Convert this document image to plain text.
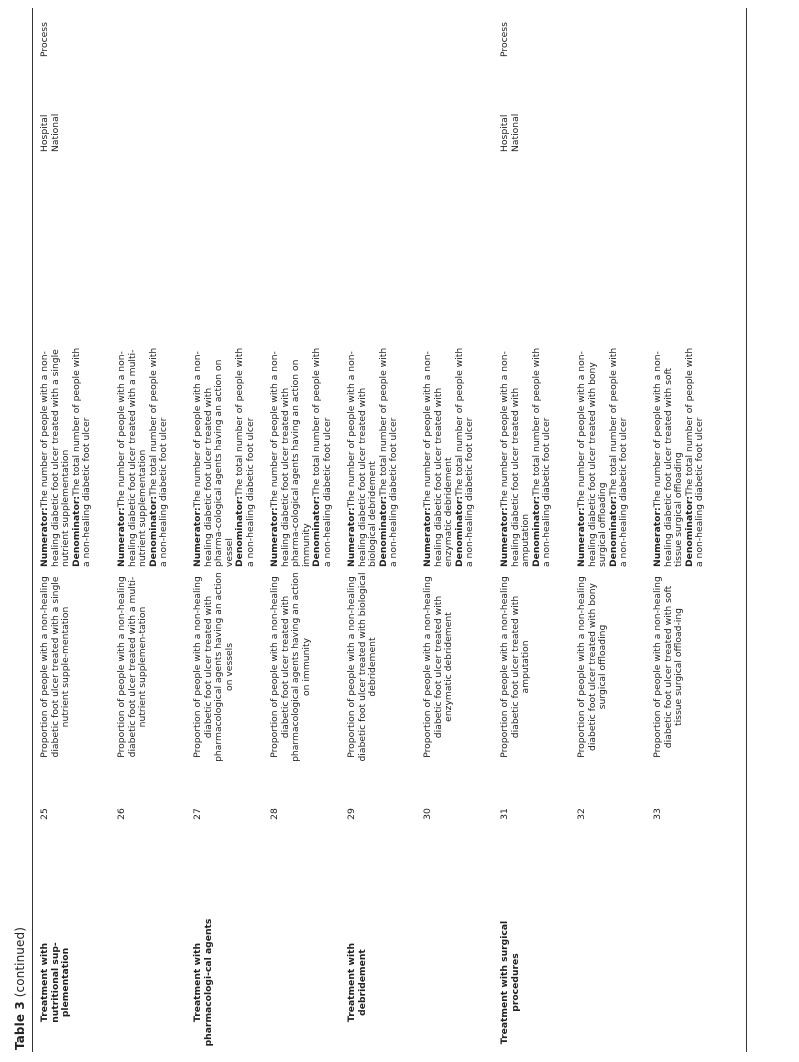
Table 3 (continued) Treatment with nutritional sup-plementation
25
Proportion of people with a non-healing diabetic foot ulcer treated with a single nutrient supple-mentation
Numerator:The number of people with a non-healing diabetic foot ulcer treated with a single nutrient supplementation
Denominator:The total number of people with a non-healing diabetic foot ulcer
Hospital
National
Process
26
Proportion of people with a non-healing diabetic foot ulcer treated with a multi-nutrient supplemen-tation
Numerator:The number of people with a non-healing diabetic foot ulcer treated with a multi-nutrient supplementation
Denominator:The total number of people with a non-healing diabetic foot ulcer
Treatment with pharmacologi-cal agents
27
Proportion of people with a non-healing diabetic foot ulcer treated with pharmacological agents having an action on vessels
Numerator:The number of people with a non-healing diabetic foot ulcer treated with pharma-cological agents having an action on vessel
Denominator:The total number of people with a non-healing diabetic foot ulcer
28
Proportion of people with a non-healing diabetic foot ulcer treated with pharmacological agents having an action on immunity
Numerator:The number of people with a non-healing diabetic foot ulcer treated with pharma-cological agents having an action on immunity
Denominator:The total number of people with a non-healing diabetic foot ulcer
Treatment with debridement
29
Proportion of people with a non-healing diabetic foot ulcer treated with biological debridement
Numerator:The number of people with a non-healing diabetic foot ulcer treated with biological debridement
Denominator:The total number of people with a non-healing diabetic foot ulcer
30
Proportion of people with a non-healing diabetic foot ulcer treated with enzymatic debridement
Numerator:The number of people with a non-healing diabetic foot ulcer treated with enzymatic debridement
Denominator:The total number of people with a non-healing diabetic foot ulcer
Treatment with surgical procedures
31
Proportion of people with a non-healing diabetic foot ulcer treated with amputation
Numerator:The number of people with a non-healing diabetic foot ulcer treated with amputation
Denominator:The total number of people with a non-healing diabetic foot ulcer
Hospital
National
Process
32
Proportion of people with a non-healing diabetic foot ulcer treated with bony surgical offloading
Numerator:The number of people with a non-healing diabetic foot ulcer treated with bony surgical offloading
Denominator:The total number of people with a non-healing diabetic foot ulcer
33
Proportion of people with a non-healing diabetic foot ulcer treated with soft tissue surgical offload-ing
Numerator:The number of people with a non-healing diabetic foot ulcer treated with soft tissue surgical offloading
Denominator:The total number of people with a non-healing diabetic foot ulcer
